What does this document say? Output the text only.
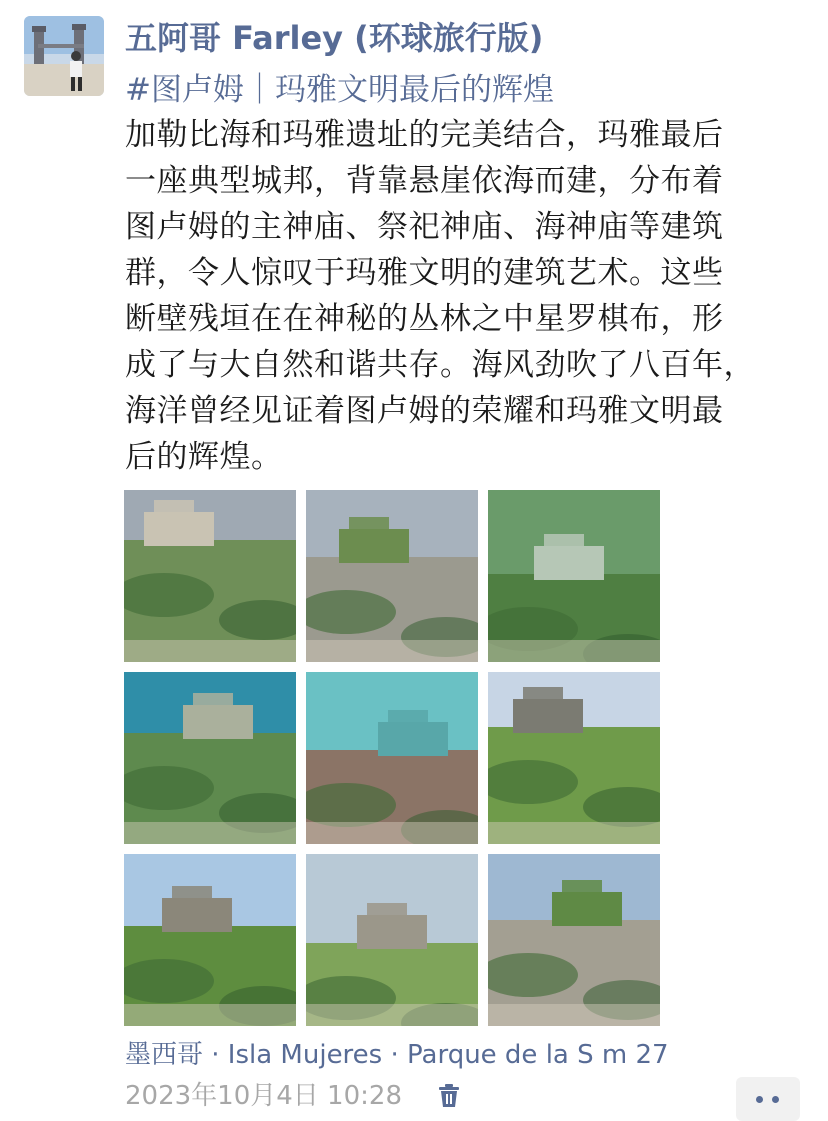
五阿哥 Farley (环球旅行版)
#图卢姆｜玛雅文明最后的辉煌
加勒比海和玛雅遗址的完美结合，玛雅最后
一座典型城邦，背靠悬崖依海而建，分布着
图卢姆的主神庙、祭祀神庙、海神庙等建筑
群，令人惊叹于玛雅文明的建筑艺术。这些
断壁残垣在在神秘的丛林之中星罗棋布，形
成了与大自然和谐共存。海风劲吹了八百年，
海洋曾经见证着图卢姆的荣耀和玛雅文明最
后的辉煌。
墨西哥 · Isla Mujeres · Parque de la S m 27
2023年10月4日 10:28
